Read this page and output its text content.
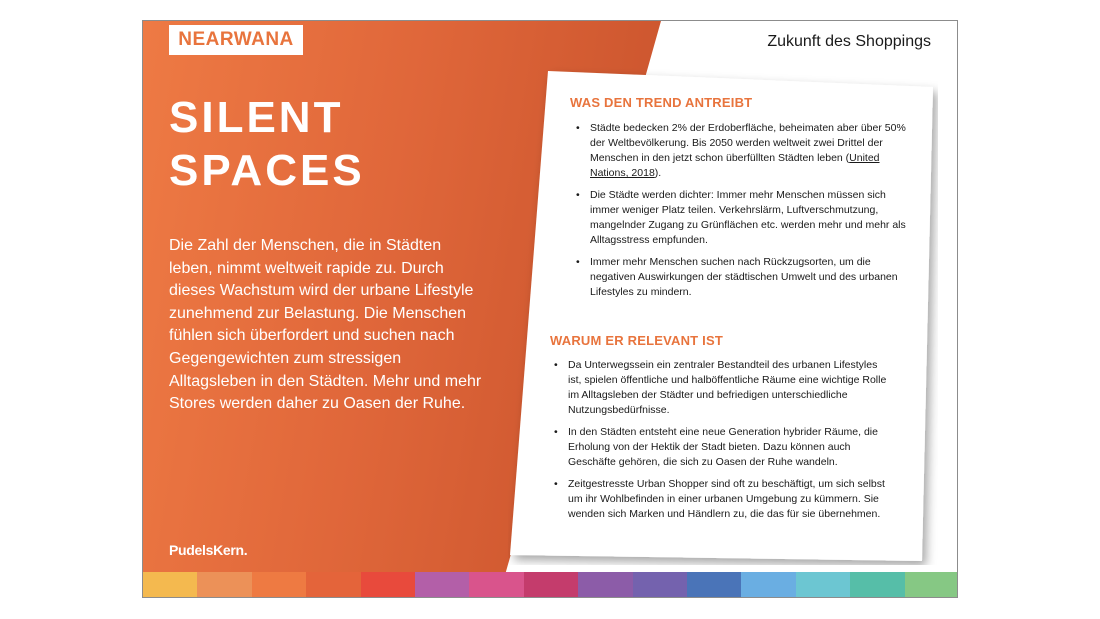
NEARWANA	Zukunft des Shoppings
SILENT
SPACES

Die Zahl der Menschen, die in Städten leben, nimmt weltweit rapide zu. Durch dieses Wachstum wird der urbane Lifestyle zunehmend zur Belastung. Die Menschen fühlen sich überfordert und suchen nach Gegengewichten zum stressigen Alltagsleben in den Städten. Mehr und mehr Stores werden daher zu Oasen der Ruhe.

PudelsKern.
WAS DEN TREND ANTREIBT
• Städte bedecken 2% der Erdoberfläche, beheimaten aber über 50% der Weltbevölkerung. Bis 2050 werden weltweit zwei Drittel der Menschen in den jetzt schon überfüllten Städten leben (United Nations, 2018).
• Die Städte werden dichter: Immer mehr Menschen müssen sich immer weniger Platz teilen. Verkehrslärm, Luftverschmutzung, mangelnder Zugang zu Grünflächen etc. werden mehr und mehr als Alltagsstress empfunden.
• Immer mehr Menschen suchen nach Rückzugsorten, um die negativen Auswirkungen der städtischen Umwelt und des urbanen Lifestyles zu mindern.
WARUM ER RELEVANT IST
• Da Unterwegssein ein zentraler Bestandteil des urbanen Lifestyles ist, spielen öffentliche und halböffentliche Räume eine wichtige Rolle im Alltagsleben der Städter und befriedigen unterschiedliche Nutzungsbedürfnisse.
• In den Städten entsteht eine neue Generation hybrider Räume, die Erholung von der Hektik der Stadt bieten. Dazu können auch Geschäfte gehören, die sich zu Oasen der Ruhe wandeln.
• Zeitgestresste Urban Shopper sind oft zu beschäftigt, um sich selbst um ihr Wohlbefinden in einer urbanen Umgebung zu kümmern. Sie wenden sich Marken und Händlern zu, die das für sie übernehmen.
